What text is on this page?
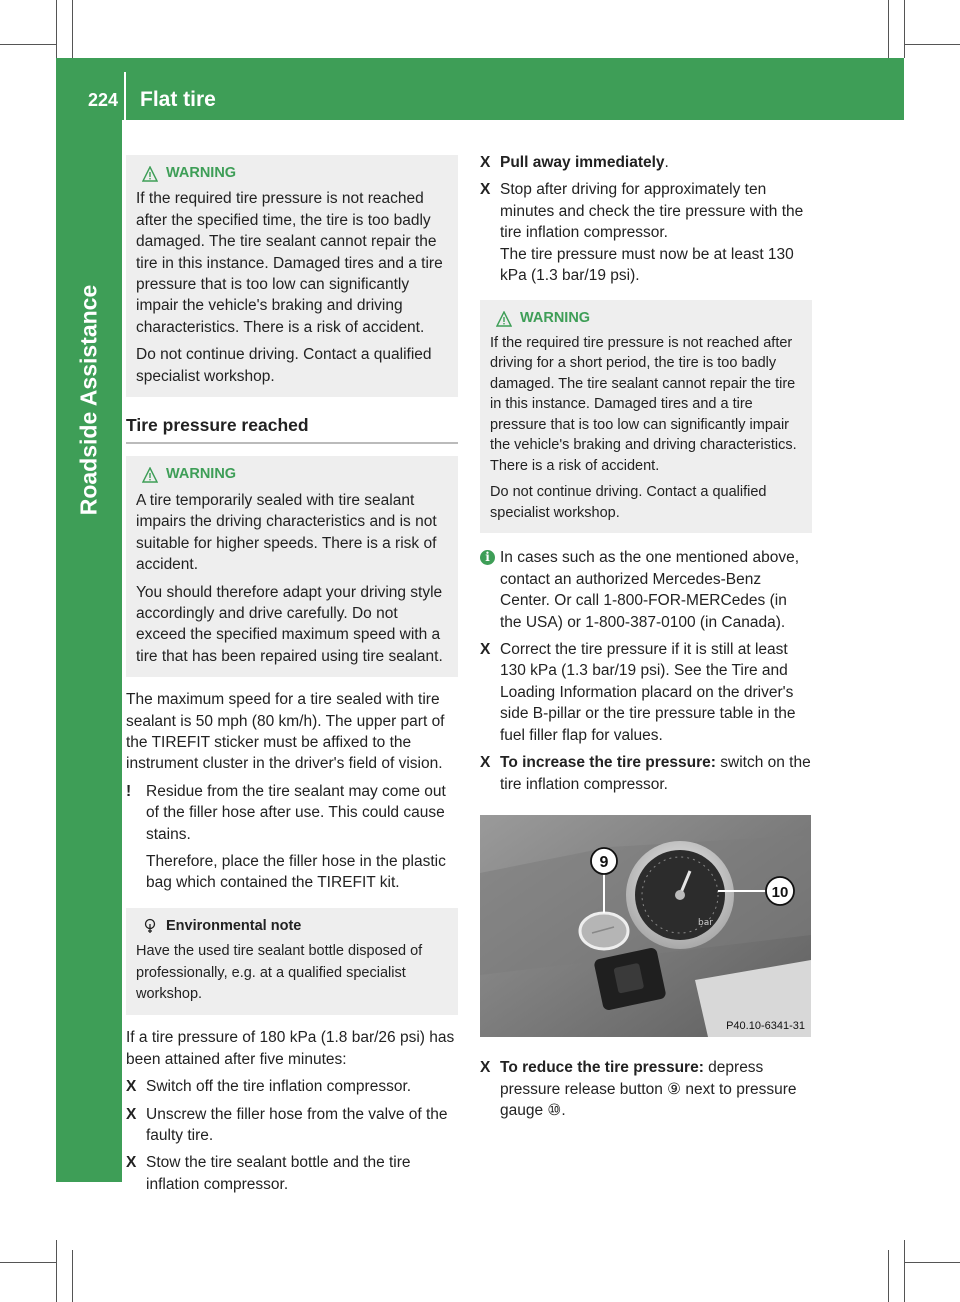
224 Flat tire
Roadside Assistance
WARNING

If the required tire pressure is not reached after the specified time, the tire is too badly damaged. The tire sealant cannot repair the tire in this instance. Damaged tires and a tire pressure that is too low can significantly impair the vehicle's braking and driving characteristics. There is a risk of accident.

Do not continue driving. Contact a qualified specialist workshop.

Tire pressure reached
WARNING

A tire temporarily sealed with tire sealant impairs the driving characteristics and is not suitable for higher speeds. There is a risk of accident.

You should therefore adapt your driving style accordingly and drive carefully. Do not exceed the specified maximum speed with a tire that has been repaired using tire sealant.

The maximum speed for a tire sealed with tire sealant is 50 mph (80 km/h). The upper part of the TIREFIT sticker must be affixed to the instrument cluster in the driver's field of vision.

! Residue from the tire sealant may come out of the filler hose after use. This could cause stains.

Therefore, place the filler hose in the plastic bag which contained the TIREFIT kit.

Environmental note

Have the used tire sealant bottle disposed of professionally, e.g. at a qualified specialist workshop.

If a tire pressure of 180 kPa (1.8 bar/26 psi) has been attained after five minutes:

X Switch off the tire inflation compressor.
X Unscrew the filler hose from the valve of the faulty tire.
X Stow the tire sealant bottle and the tire inflation compressor.
X Pull away immediately.
X Stop after driving for approximately ten minutes and check the tire pressure with the tire inflation compressor.

The tire pressure must now be at least 130 kPa (1.3 bar/19 psi).

WARNING

If the required tire pressure is not reached after driving for a short period, the tire is too badly damaged. The tire sealant cannot repair the tire in this instance. Damaged tires and a tire pressure that is too low can significantly impair the vehicle's braking and driving characteristics. There is a risk of accident.

Do not continue driving. Contact a qualified specialist workshop.

i In cases such as the one mentioned above, contact an authorized Mercedes-Benz Center. Or call 1-800-FOR-MERCedes (in the USA) or 1-800-387-0100 (in Canada).
X Correct the tire pressure if it is still at least 130 kPa (1.3 bar/19 psi). See the Tire and Loading Information placard on the driver's side B-pillar or the tire pressure table in the fuel filler flap for values.
X To increase the tire pressure: switch on the tire inflation compressor.
bar
9
10
P40.10-6341-31
X To reduce the tire pressure: depress pressure release button ⑨ next to pressure gauge ⑩.
